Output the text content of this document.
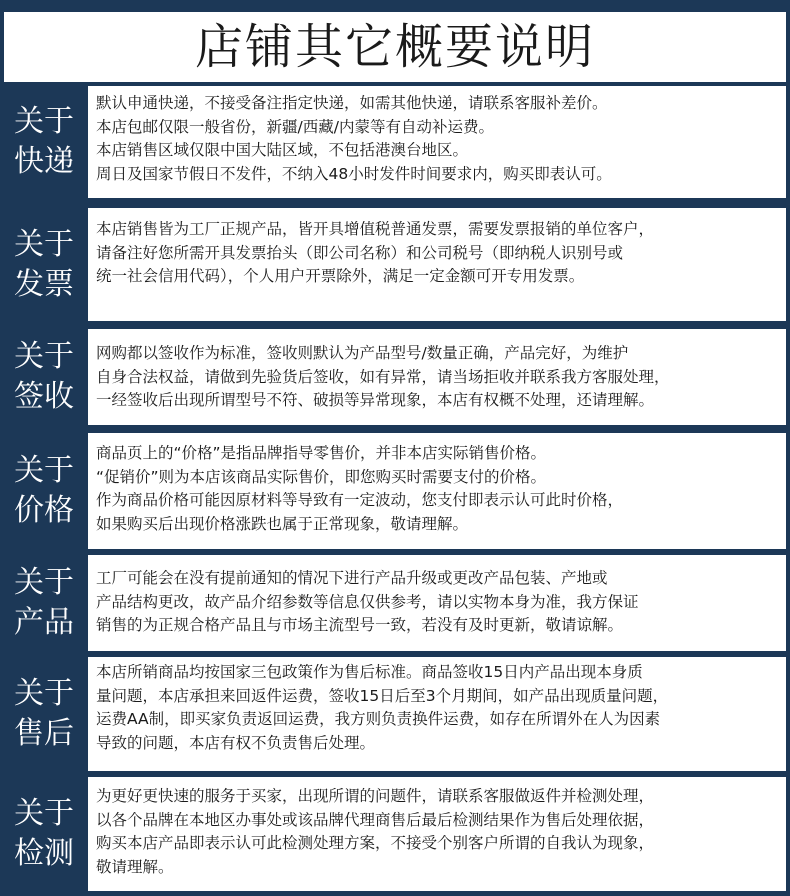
店铺其它概要说明
关于
快递

默认申通快递，不接受备注指定快递，如需其他快递，请联系客服补差价。

本店包邮仅限一般省份，新疆/西藏/内蒙等有自动补运费。

本店销售区域仅限中国大陆区域，不包括港澳台地区。

周日及国家节假日不发件，不纳入48小时发件时间要求内，购买即表认可。

关于
发票

本店销售皆为工厂正规产品，皆开具增值税普通发票，需要发票报销的单位客户，

请备注好您所需开具发票抬头（即公司名称）和公司税号（即纳税人识别号或

统一社会信用代码），个人用户开票除外，满足一定金额可开专用发票。

关于
签收

网购都以签收作为标准，签收则默认为产品型号/数量正确，产品完好，为维护

自身合法权益，请做到先验货后签收，如有异常，请当场拒收并联系我方客服处理，

一经签收后出现所谓型号不符、破损等异常现象，本店有权概不处理，还请理解。

关于
价格

商品页上的“价格”是指品牌指导零售价，并非本店实际销售价格。

“促销价”则为本店该商品实际售价，即您购买时需要支付的价格。

作为商品价格可能因原材料等导致有一定波动，您支付即表示认可此时价格，

如果购买后出现价格涨跌也属于正常现象，敬请理解。

关于
产品

工厂可能会在没有提前通知的情况下进行产品升级或更改产品包装、产地或

产品结构更改，故产品介绍参数等信息仅供参考，请以实物本身为准，我方保证

销售的为正规合格产品且与市场主流型号一致，若没有及时更新，敬请谅解。

关于
售后

本店所销商品均按国家三包政策作为售后标准。商品签收15日内产品出现本身质

量问题，本店承担来回返件运费，签收15日后至3个月期间，如产品出现质量问题，

运费AA制，即买家负责返回运费，我方则负责换件运费，如存在所谓外在人为因素

导致的问题，本店有权不负责售后处理。

关于
检测

为更好更快速的服务于买家，出现所谓的问题件，请联系客服做返件并检测处理，

以各个品牌在本地区办事处或该品牌代理商售后最后检测结果作为售后处理依据，

购买本店产品即表示认可此检测处理方案，不接受个别客户所谓的自我认为现象，

敬请理解。
